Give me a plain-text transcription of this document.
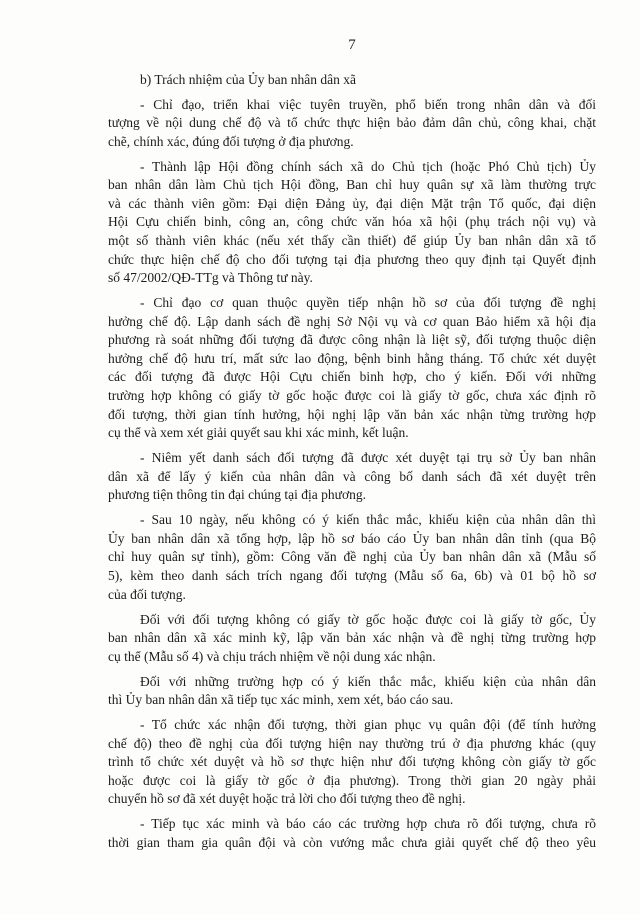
7
b) Trách nhiệm của Ủy ban nhân dân xã
- Chỉ đạo, triển khai việc tuyên truyền, phổ biến trong nhân dân và đối
tượng về nội dung chế độ và tổ chức thực hiện bảo đảm dân chủ, công khai, chặt
chẽ, chính xác, đúng đối tượng ở địa phương.
- Thành lập Hội đồng chính sách xã do Chủ tịch (hoặc Phó Chủ tịch) Ủy
ban nhân dân làm Chủ tịch Hội đồng, Ban chỉ huy quân sự xã làm thường trực
và các thành viên gồm: Đại diện Đảng ủy, đại diện Mặt trận Tổ quốc, đại diện
Hội Cựu chiến binh, công an, công chức văn hóa xã hội (phụ trách nội vụ) và
một số thành viên khác (nếu xét thấy cần thiết) để giúp Ủy ban nhân dân xã tổ
chức thực hiện chế độ cho đối tượng tại địa phương theo quy định tại Quyết định
số 47/2002/QĐ-TTg và Thông tư này.
- Chỉ đạo cơ quan thuộc quyền tiếp nhận hồ sơ của đối tượng đề nghị
hưởng chế độ. Lập danh sách đề nghị Sở Nội vụ và cơ quan Bảo hiểm xã hội địa
phương rà soát những đối tượng đã được công nhận là liệt sỹ, đối tượng thuộc diện
hưởng chế độ hưu trí, mất sức lao động, bệnh binh hằng tháng. Tổ chức xét duyệt
các đối tượng đã được Hội Cựu chiến binh hợp, cho ý kiến. Đối với những
trường hợp không có giấy tờ gốc hoặc được coi là giấy tờ gốc, chưa xác định rõ
đối tượng, thời gian tính hưởng, hội nghị lập văn bản xác nhận từng trường hợp
cụ thể và xem xét giải quyết sau khi xác minh, kết luận.
- Niêm yết danh sách đối tượng đã được xét duyệt tại trụ sở Ủy ban nhân
dân xã để lấy ý kiến của nhân dân và công bố danh sách đã xét duyệt trên
phương tiện thông tin đại chúng tại địa phương.
- Sau 10 ngày, nếu không có ý kiến thắc mắc, khiếu kiện của nhân dân thì
Ủy ban nhân dân xã tổng hợp, lập hồ sơ báo cáo Ủy ban nhân dân tỉnh (qua Bộ
chỉ huy quân sự tỉnh), gồm: Công văn đề nghị của Ủy ban nhân dân xã (Mẫu số
5), kèm theo danh sách trích ngang đối tượng (Mẫu số 6a, 6b) và 01 bộ hồ sơ
của đối tượng.
Đối với đối tượng không có giấy tờ gốc hoặc được coi là giấy tờ gốc, Ủy
ban nhân dân xã xác minh kỹ, lập văn bản xác nhận và đề nghị từng trường hợp
cụ thể (Mẫu số 4) và chịu trách nhiệm về nội dung xác nhận.
Đối với những trường hợp có ý kiến thắc mắc, khiếu kiện của nhân dân
thì Ủy ban nhân dân xã tiếp tục xác minh, xem xét, báo cáo sau.
- Tổ chức xác nhận đối tượng, thời gian phục vụ quân đội (để tính hưởng
chế độ) theo đề nghị của đối tượng hiện nay thường trú ở địa phương khác (quy
trình tổ chức xét duyệt và hồ sơ thực hiện như đối tượng không còn giấy tờ gốc
hoặc được coi là giấy tờ gốc ở địa phương). Trong thời gian 20 ngày phải
chuyển hồ sơ đã xét duyệt hoặc trả lời cho đối tượng theo đề nghị.
- Tiếp tục xác minh và báo cáo các trường hợp chưa rõ đối tượng, chưa rõ
thời gian tham gia quân đội và còn vướng mắc chưa giải quyết chế độ theo yêu
